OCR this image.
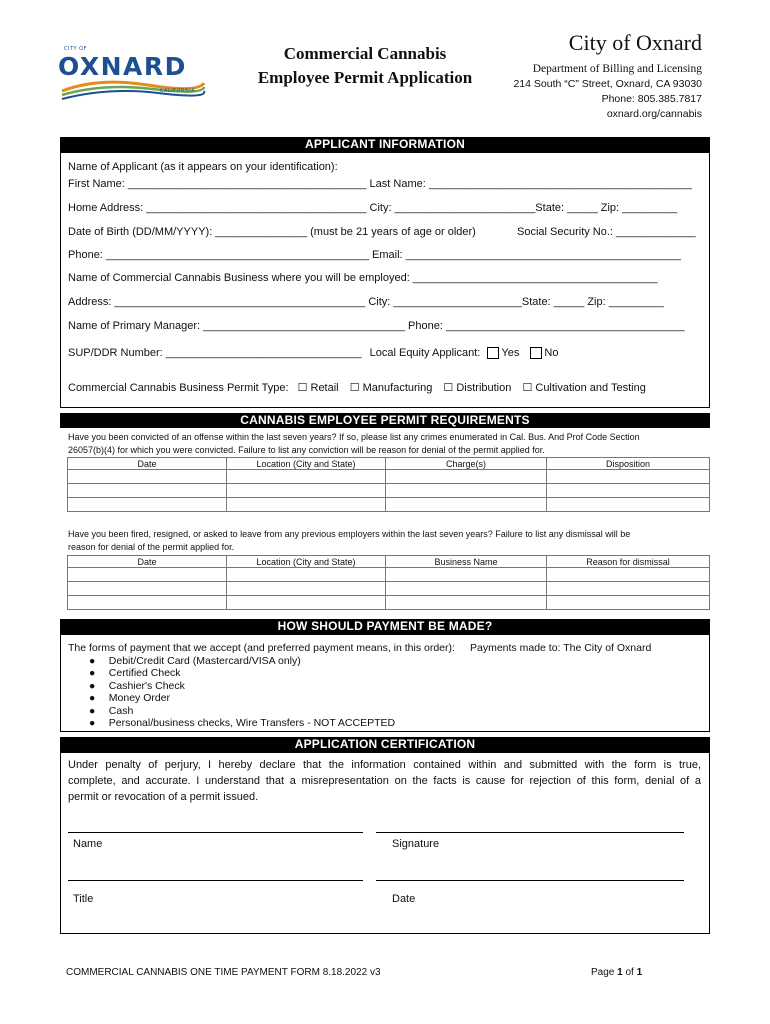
CITY OF
OXNARD
CALIFORNIA
Commercial Cannabis
Employee Permit Application
City of Oxnard
Department of Billing and Licensing
214 South “C” Street, Oxnard, CA 93030
Phone: 805.385.7817
oxnard.org/cannabis
APPLICANT INFORMATION
Name of Applicant (as it appears on your identification):
First Name: _______________________________________ Last Name: ___________________________________________
Home Address: ____________________________________ City: _______________________State: _____ Zip: _________
Date of Birth (DD/MM/YYYY): _______________ (must be 21 years of age or older)	Social Security No.: _____________
Phone: ___________________________________________ Email: _____________________________________________
Name of Commercial Cannabis Business where you will be employed: ________________________________________
Address: _________________________________________ City: _____________________State: _____ Zip: _________
Name of Primary Manager: _________________________________ Phone: _______________________________________
SUP/DDR Number: ________________________________ Local Equity Applicant: Yes No
Commercial Cannabis Business Permit Type: ☐ Retail ☐ Manufacturing ☐ Distribution ☐ Cultivation and Testing
CANNABIS EMPLOYEE PERMIT REQUIREMENTS
Have you been convicted of an offense within the last seven years? If so, please list any crimes enumerated in Cal. Bus. And Prof Code Section
26057(b)(4) for which you were convicted. Failure to list any conviction will be reason for denial of the permit applied for.
Date	Location (City and State)	Charge(s)	Disposition

Have you been fired, resigned, or asked to leave from any previous employers within the last seven years? Failure to list any dismissal will be
reason for denial of the permit applied for.
Date	Location (City and State)	Business Name	Reason for dismissal

HOW SHOULD PAYMENT BE MADE?
The forms of payment that we accept (and preferred payment means, in this order): Payments made to: The City of Oxnard
●  Debit/Credit Card (Mastercard/VISA only)
●  Certified Check
●  Cashier's Check
●  Money Order
●  Cash
●  Personal/business checks, Wire Transfers - NOT ACCEPTED
APPLICATION CERTIFICATION
Under penalty of perjury, I hereby declare that the information contained within and submitted with the form is true,
complete, and accurate. I understand that a misrepresentation on the facts is cause for rejection of this form, denial of a
permit or revocation of a permit issued.
Name	Signature
Title	Date
COMMERCIAL CANNABIS ONE TIME PAYMENT FORM 8.18.2022 v3	Page 1 of 1
